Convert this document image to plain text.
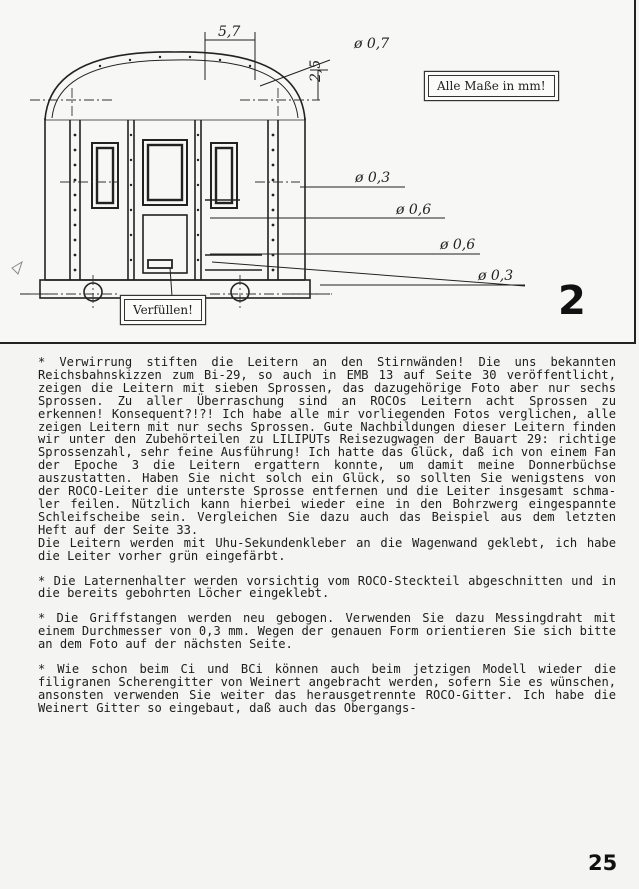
5,7
2,5
ø 0,7
ø 0,3
ø 0,6
ø 0,6
ø 0,3
Alle Maße in mm!
Verfüllen!	2

* Verwirrung stiften die Leitern an den Stirnwänden! Die uns bekannten Reichsbahnskizzen zum Bi-29, so auch in EMB 13 auf Seite 30 veröffentlicht, zeigen die Leitern mit sieben Sprossen, das dazugehörige Foto aber nur sechs Sprossen. Zu aller Überraschung sind an ROCOs Leitern acht Sprossen zu erkennen! Konsequent?!?! Ich habe alle mir vorliegenden Fotos verglichen, alle zeigen Leitern mit nur sechs Sprossen. Gute Nachbildungen dieser Leitern finden wir unter den Zubehörteilen zu LILIPUTs Reisezugwagen der Bauart 29: richtige Sprossenzahl, sehr feine Ausführung! Ich hatte das Glück, daß ich von einem Fan der Epoche 3 die Leitern ergattern konnte, um damit meine Donnerbüchse auszustatten. Haben Sie nicht solch ein Glück, so sollten Sie wenigstens von der ROCO-Leiter die unterste Sprosse entfernen und die Leiter insgesamt schmaler feilen. Nützlich kann hierbei wieder eine in den Bohrzwerg eingespannte Schleifscheibe sein. Vergleichen Sie dazu auch das Beispiel aus dem letzten Heft auf der Seite 33.

Die Leitern werden mit Uhu-Sekundenkleber an die Wagenwand geklebt, ich habe die Leiter vorher grün eingefärbt.

* Die Laternenhalter werden vorsichtig vom ROCO-Steckteil abgeschnitten und in die bereits gebohrten Löcher eingeklebt.

* Die Griffstangen werden neu gebogen. Verwenden Sie dazu Messingdraht mit einem Durchmesser von 0,3 mm. Wegen der genauen Form orientieren Sie sich bitte an dem Foto auf der nächsten Seite.

* Wie schon beim Ci und BCi können auch beim jetzigen Modell wieder die filigranen Scherengitter von Weinert angebracht werden, sofern Sie es wünschen, ansonsten verwenden Sie weiter das herausgetrennte ROCO-Gitter. Ich habe die Weinert Gitter so eingebaut, daß auch das Obergangs-

25
